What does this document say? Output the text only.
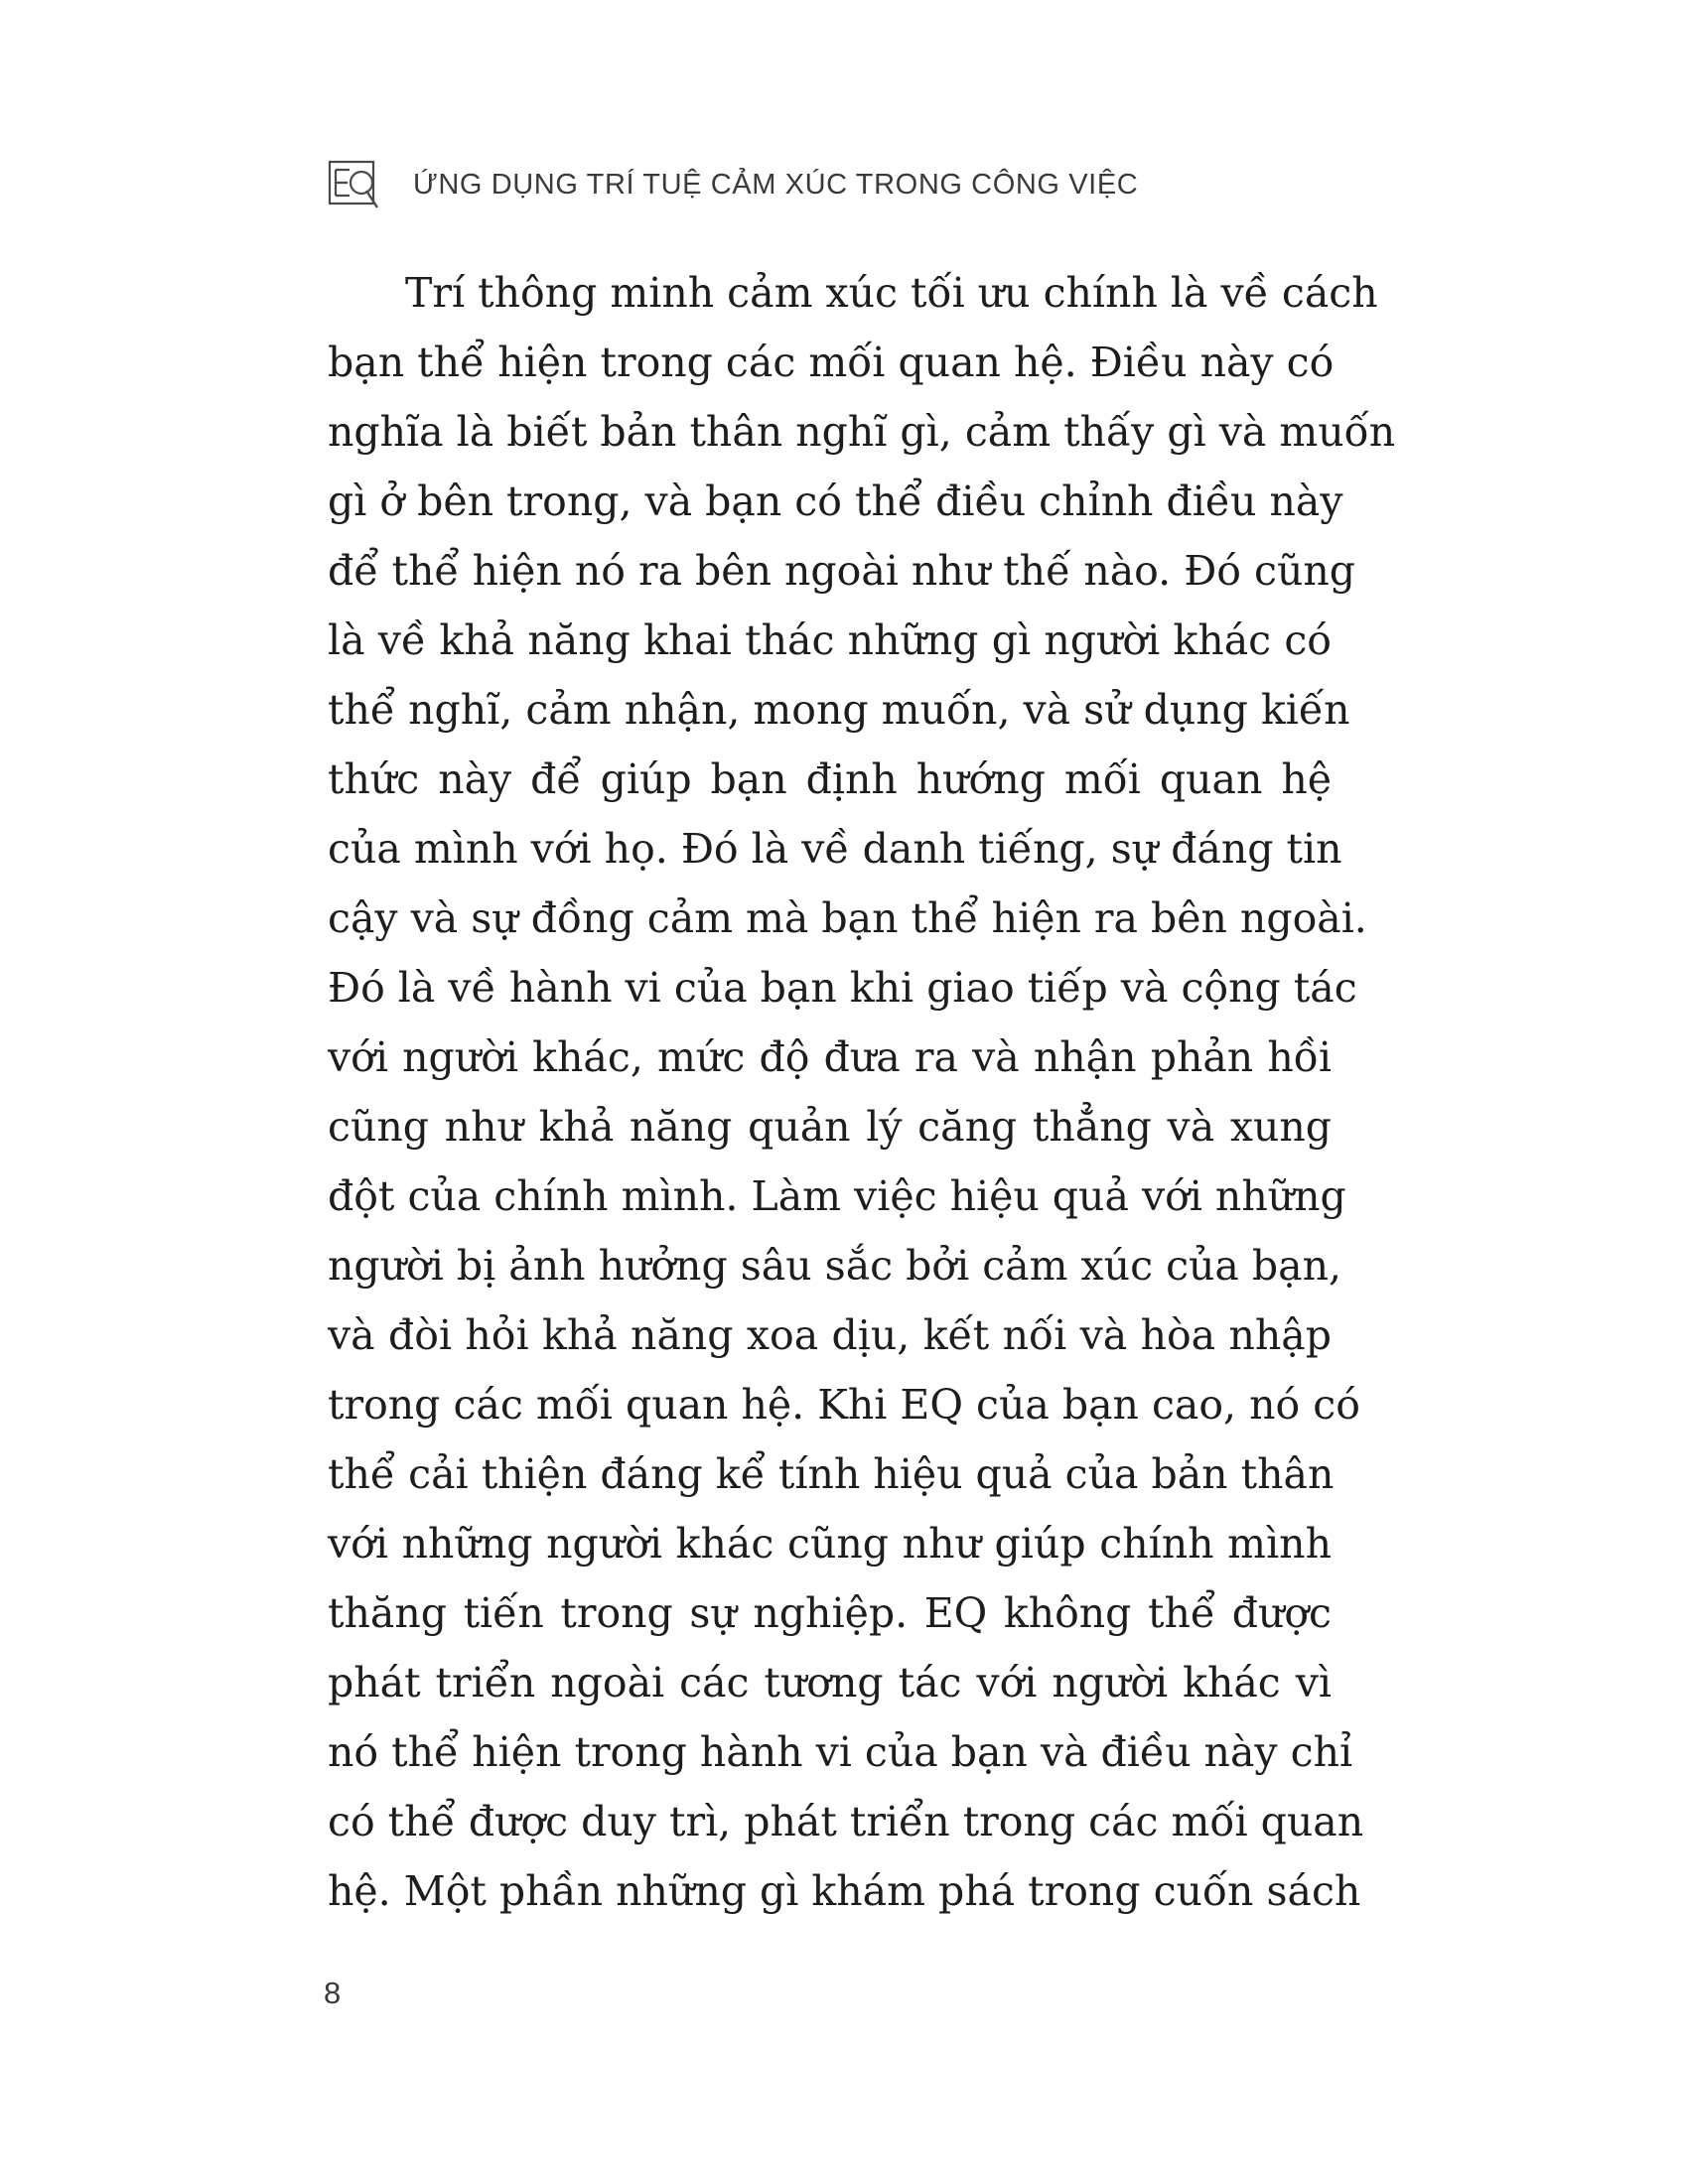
ỨNG DỤNG TRÍ TUỆ CẢM XÚC TRONG CÔNG VIỆC
Trí thông minh cảm xúc tối ưu chính là về cách
bạn thể hiện trong các mối quan hệ. Điều này có
nghĩa là biết bản thân nghĩ gì, cảm thấy gì và muốn
gì ở bên trong, và bạn có thể điều chỉnh điều này
để thể hiện nó ra bên ngoài như thế nào. Đó cũng
là về khả năng khai thác những gì người khác có
thể nghĩ, cảm nhận, mong muốn, và sử dụng kiến
thức này để giúp bạn định hướng mối quan hệ
của mình với họ. Đó là về danh tiếng, sự đáng tin
cậy và sự đồng cảm mà bạn thể hiện ra bên ngoài.
Đó là về hành vi của bạn khi giao tiếp và cộng tác
với người khác, mức độ đưa ra và nhận phản hồi
cũng như khả năng quản lý căng thẳng và xung
đột của chính mình. Làm việc hiệu quả với những
người bị ảnh hưởng sâu sắc bởi cảm xúc của bạn,
và đòi hỏi khả năng xoa dịu, kết nối và hòa nhập
trong các mối quan hệ. Khi EQ của bạn cao, nó có
thể cải thiện đáng kể tính hiệu quả của bản thân
với những người khác cũng như giúp chính mình
thăng tiến trong sự nghiệp. EQ không thể được
phát triển ngoài các tương tác với người khác vì
nó thể hiện trong hành vi của bạn và điều này chỉ
có thể được duy trì, phát triển trong các mối quan
hệ. Một phần những gì khám phá trong cuốn sách
8
